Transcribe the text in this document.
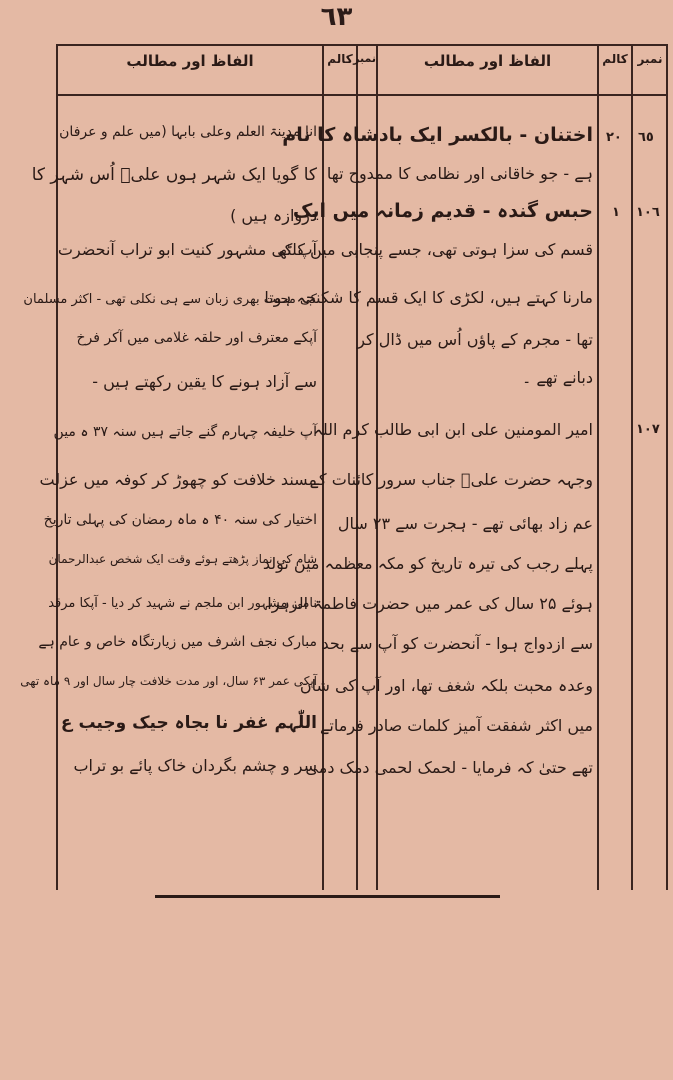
٦٣
نمبر
کالم
الفاظ اور مطالب
نمبر
کالم
الفاظ اور مطالب
٦٥
٢٠
١٠٦
١
١٠٧
اختنان - بالکسر ایک بادشاہ کا نام
ہے - جو خاقانی اور نظامی کا ممدوح تھا
حبس گندہ - قدیم زمانہ میں ایک
قسم کی سزا ہوتی تھی، جسے پنجابی میں کلٹھ
مارنا کہتے ہیں، لکڑی کا ایک قسم کا شکنجہ ہوتا
تھا - مجرم کے پاؤں اُس میں ڈال کر
دبانے تھے ۔
امیر المومنین علی ابن ابی طالب کرم اللہ
وجہہ حضرت علیؑ جناب سرور کائنات کے
عم زاد بھائی تھے - ہجرت سے ۲۳ سال
پہلے رجب کی تیرہ تاریخ کو مکہ معظمہ میں تولد
ہوئے ۲۵ سال کی عمر میں حضرت فاطمۃ الزہرا
سے ازدواج ہوا - آنحضرت کو آپ سے بحد
وعدہ محبت بلکہ شغف تھا، اور آپ کی شان
میں اکثر شفقت آمیز کلمات صادر فرماتے
تھے حتیٰ کہ فرمایا - لحمک لحمی دمک دمی
انا مدینۃ العلم وعلی بابہا (میں علم و عرفان
کا گویا ایک شہر ہوں علیؑ اُس شہر کا
دروازہ ہیں )
آپ کی مشہور کنیت ابو تراب آنحضرت
کی محبت بھری زبان سے ہی نکلی تھی - اکثر مسلمان
آپکے معترف اور حلقہ غلامی میں آکر فرخ
سے آزاد ہونے کا یقین رکھتے ہیں -
آپ خلیفہ چہارم گنے جاتے ہیں سنہ ۳۷ ہ میں
مسند خلافت کو چھوڑ کر کوفہ میں عزلت
اختیار کی سنہ ۴۰ ہ ماہ رمضان کی پہلی تاریخ
شام کی نماز پڑھتے ہوئے وقت ایک شخص عبدالرحمان
نامی مشہور ابن ملجم نے شہید کر دیا - آپکا مرقد
مبارک نجف اشرف میں زیارتگاہ خاص و عام ہے
آپکی عمر ۶۳ سال، اور مدت خلافت چار سال اور ۹ ماہ تھی
اللّٰہم غفر نا بجاہ جیک وجیب ع
سر و چشم بگردان خاک پائے بو تراب
